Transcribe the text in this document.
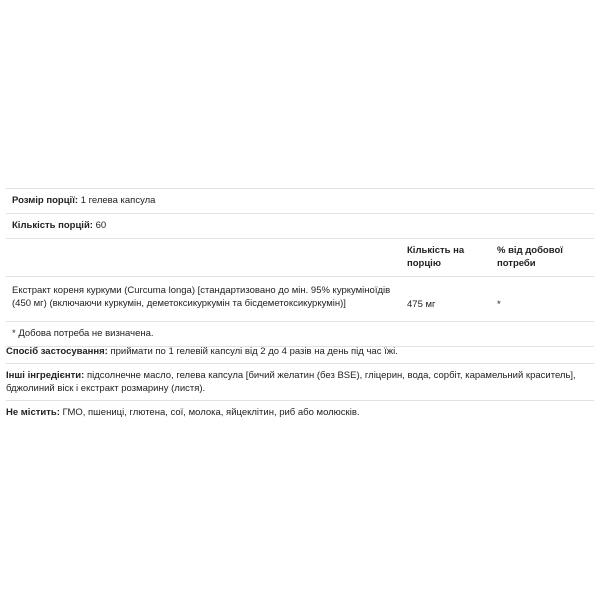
Розмір порції: 1 гелева капсула
Кількість порцій: 60
Кількість на порцію
% від добової потреби
Екстракт кореня куркуми (Curcuma longa) [стандартизовано до мін. 95% куркуміноїдів (450 мг) (включаючи куркумін, деметоксикуркумін та бісдеметоксикуркумін)]	475 мг	*
* Добова потреба не визначена.
Спосіб застосування: приймати по 1 гелевій капсулі від 2 до 4 разів на день під час їжі.
Інші інгредієнти: підсолнечне масло, гелева капсула [бичий желатин (без BSE), гліцерин, вода, сорбіт, карамельний краситель], бджолиний віск і екстракт розмарину (листя).
Не містить: ГМО, пшениці, глютена, сої, молока, яйцеклітин, риб або молюсків.
